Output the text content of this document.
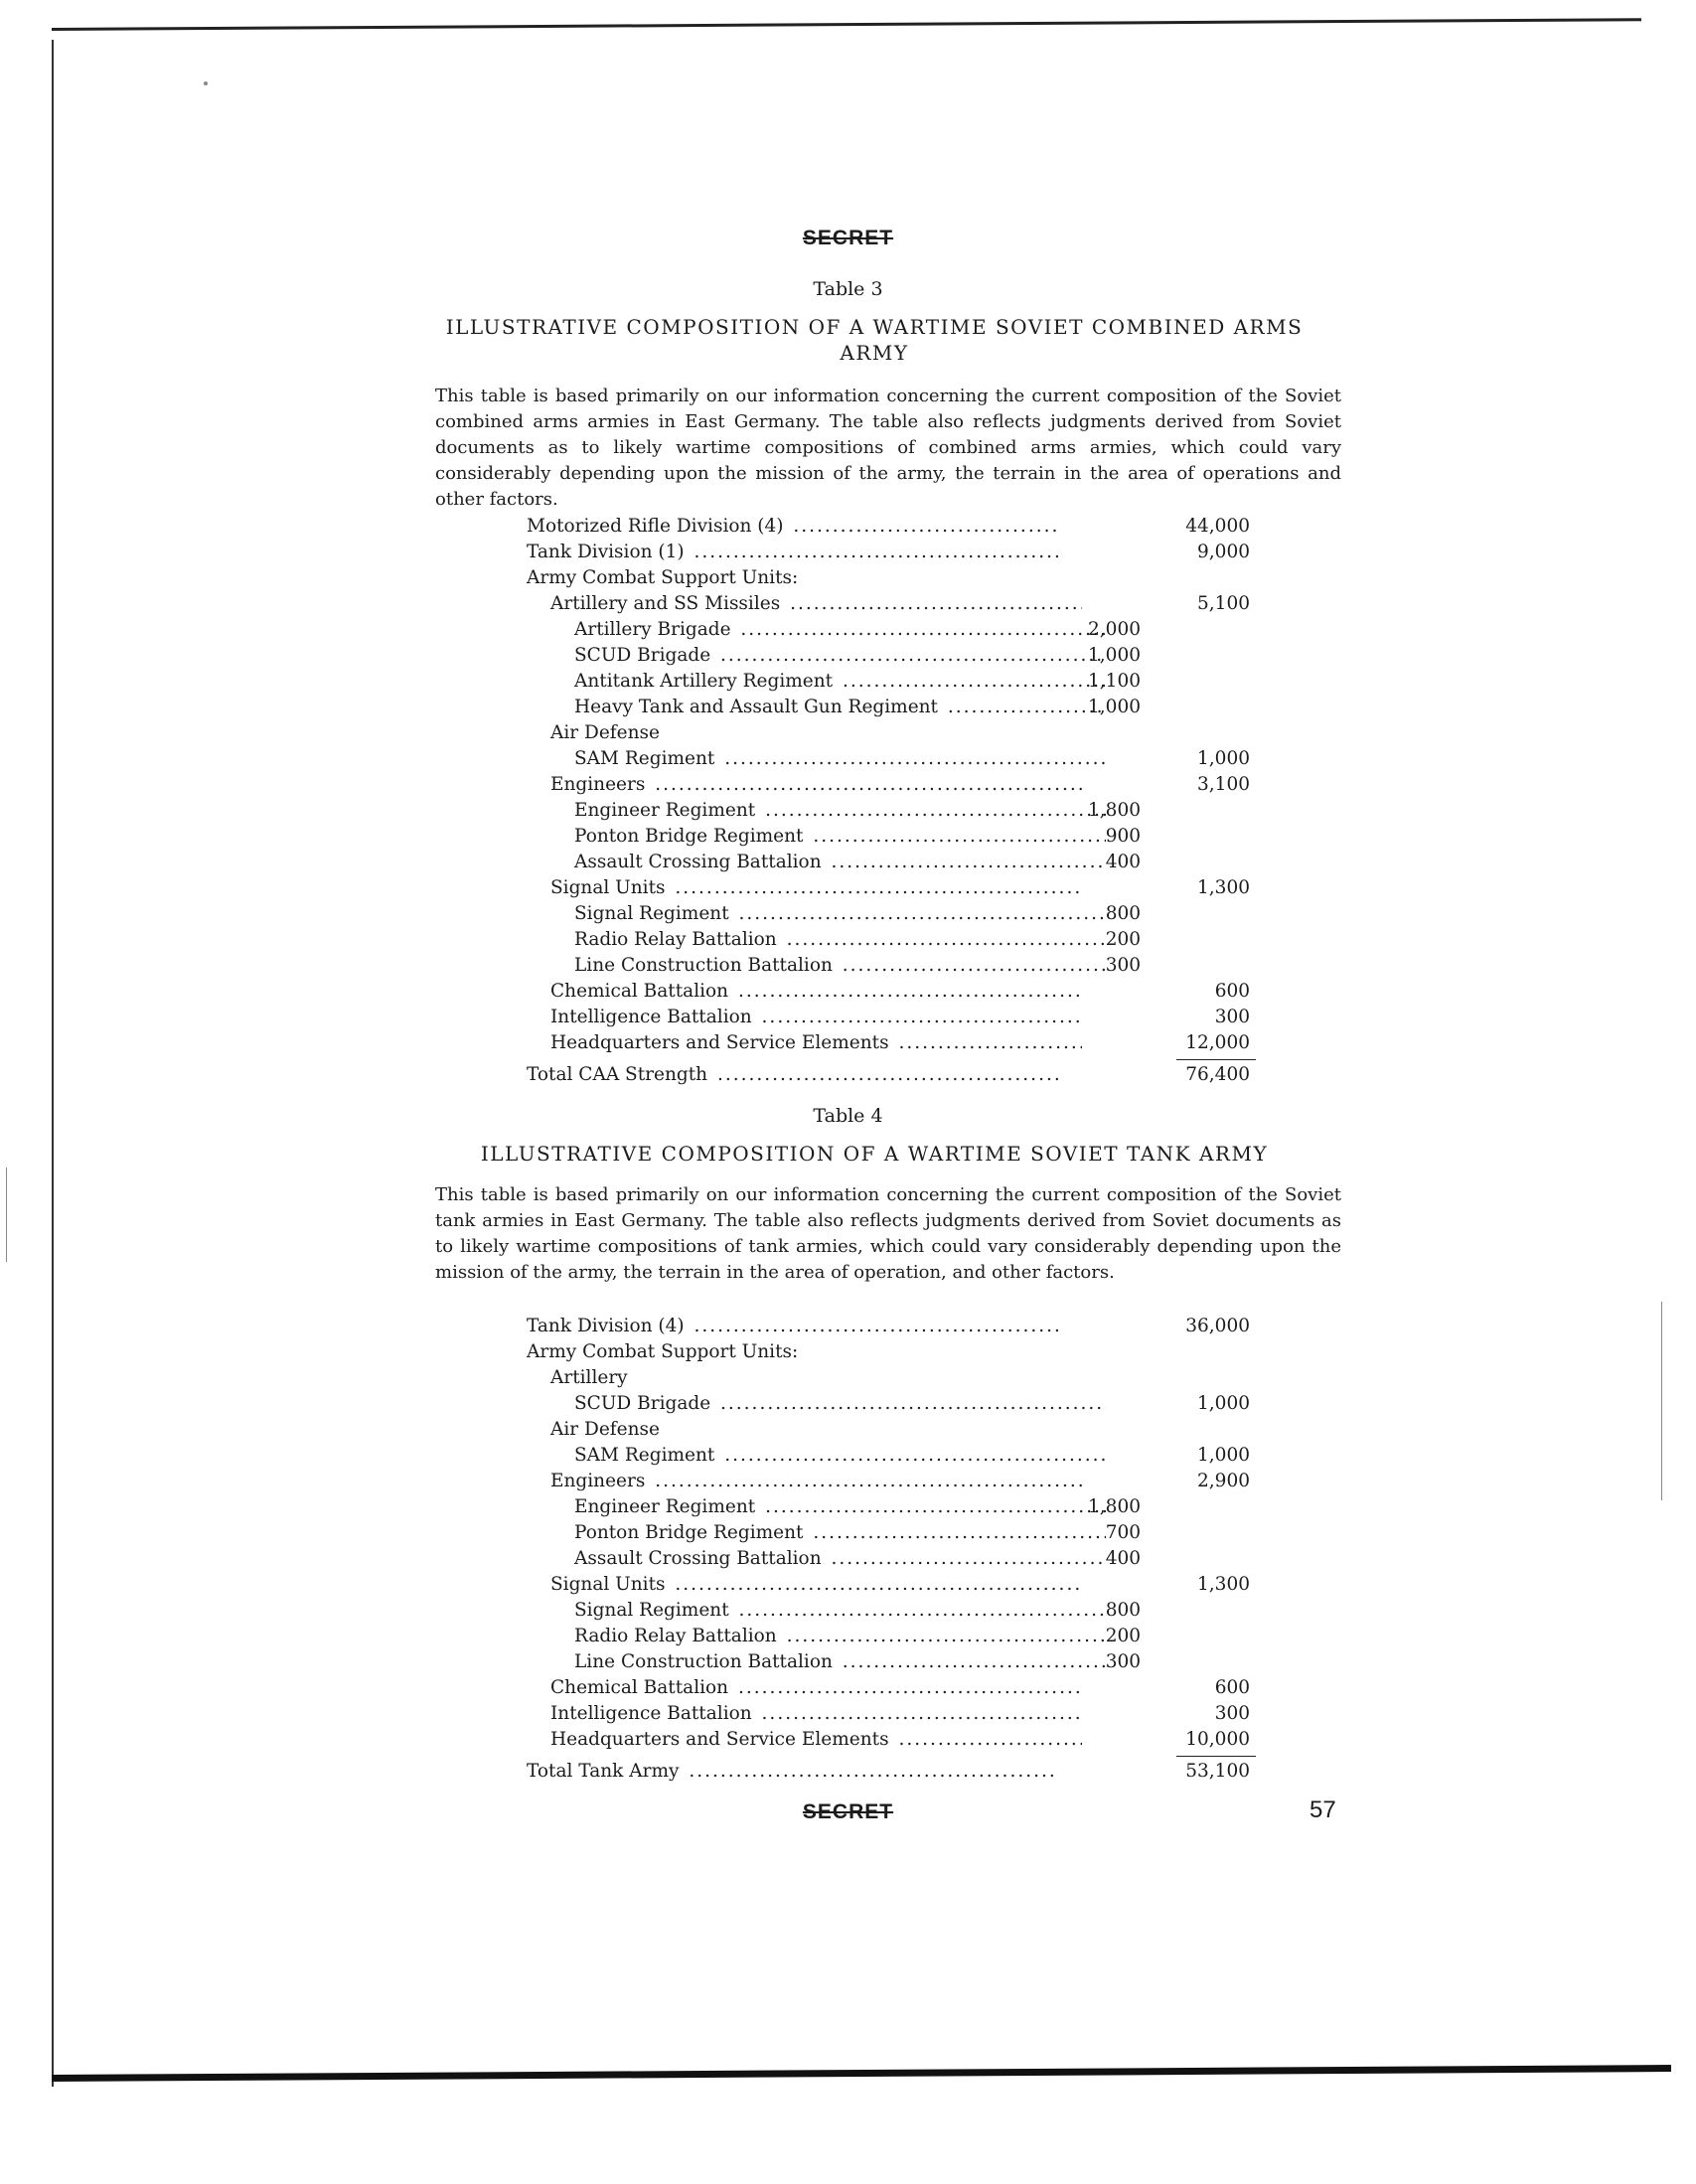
SECRET
Table 3
ILLUSTRATIVE COMPOSITION OF A WARTIME SOVIET COMBINED ARMS
ARMY
This table is based primarily on our information concerning the current composition of the Soviet combined arms armies in East Germany. The table also reflects judgments derived from Soviet documents as to likely wartime compositions of combined arms armies, which could vary considerably depending upon the mission of the army, the terrain in the area of operations and other factors.
Motorized Rifle Division (4) .....	44,000
Tank Division (1) .....	9,000
Army Combat Support Units:
Artillery and SS Missiles .....	5,100
Artillery Brigade .....	2,000
SCUD Brigade .....	1,000
Antitank Artillery Regiment .....	1,100
Heavy Tank and Assault Gun Regiment .....	1,000
Air Defense
SAM Regiment .....	1,000
Engineers .....	3,100
Engineer Regiment .....	1,800
Ponton Bridge Regiment .....	900
Assault Crossing Battalion .....	400
Signal Units .....	1,300
Signal Regiment .....	800
Radio Relay Battalion .....	200
Line Construction Battalion .....	300
Chemical Battalion .....	600
Intelligence Battalion .....	300
Headquarters and Service Elements .....	12,000
Total CAA Strength .....	76,400
Table 4
ILLUSTRATIVE COMPOSITION OF A WARTIME SOVIET TANK ARMY
This table is based primarily on our information concerning the current composition of the Soviet tank armies in East Germany. The table also reflects judgments derived from Soviet documents as to likely wartime compositions of tank armies, which could vary considerably depending upon the mission of the army, the terrain in the area of operation, and other factors.
Tank Division (4) .....	36,000
Army Combat Support Units:
Artillery
SCUD Brigade .....	1,000
Air Defense
SAM Regiment .....	1,000
Engineers .....	2,900
Engineer Regiment .....	1,800
Ponton Bridge Regiment .....	700
Assault Crossing Battalion .....	400
Signal Units .....	1,300
Signal Regiment .....	800
Radio Relay Battalion .....	200
Line Construction Battalion .....	300
Chemical Battalion .....	600
Intelligence Battalion .....	300
Headquarters and Service Elements .....	10,000
Total Tank Army .....	53,100
SECRET	57
